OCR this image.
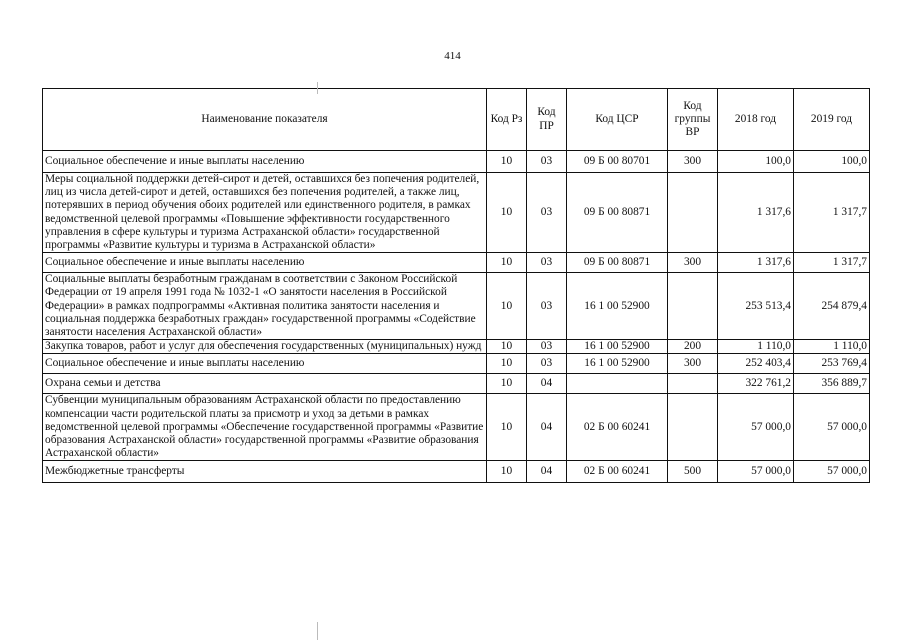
414
Наименование показателя	Код Рз	Код ПР	Код ЦСР	Код группы ВР	2018 год	2019 год
Социальное обеспечение и иные выплаты населению	10	03	09 Б 00 80701	300	100,0	100,0
Меры социальной поддержки детей-сирот и детей, оставшихся без попечения родителей, лиц из числа детей-сирот и детей, оставшихся без попечения родителей, а также лиц, потерявших в период обучения обоих родителей или единственного родителя, в рамках ведомственной целевой программы «Повышение эффективности государственного управления в сфере культуры и туризма Астраханской области» государственной программы «Развитие культуры и туризма в Астраханской области»	10	03	09 Б 00 80871		1 317,6	1 317,7
Социальное обеспечение и иные выплаты населению	10	03	09 Б 00 80871	300	1 317,6	1 317,7
Социальные выплаты безработным гражданам в соответствии с Законом Российской Федерации от 19 апреля 1991 года № 1032-1 «О занятости населения в Российской Федерации» в рамках подпрограммы «Активная политика занятости населения и социальная поддержка безработных граждан» государственной программы «Содействие занятости населения Астраханской области»	10	03	16 1 00 52900		253 513,4	254 879,4
Закупка товаров, работ и услуг для обеспечения государственных (муниципальных) нужд	10	03	16 1 00 52900	200	1 110,0	1 110,0
Социальное обеспечение и иные выплаты населению	10	03	16 1 00 52900	300	252 403,4	253 769,4
Охрана семьи и детства	10	04			322 761,2	356 889,7
Субвенции муниципальным образованиям Астраханской области по предоставлению компенсации части родительской платы за присмотр и уход за детьми в рамках ведомственной целевой программы «Обеспечение государственной программы «Развитие образования Астраханской области» государственной программы «Развитие образования Астраханской области»	10	04	02 Б 00 60241		57 000,0	57 000,0
Межбюджетные трансферты	10	04	02 Б 00 60241	500	57 000,0	57 000,0
